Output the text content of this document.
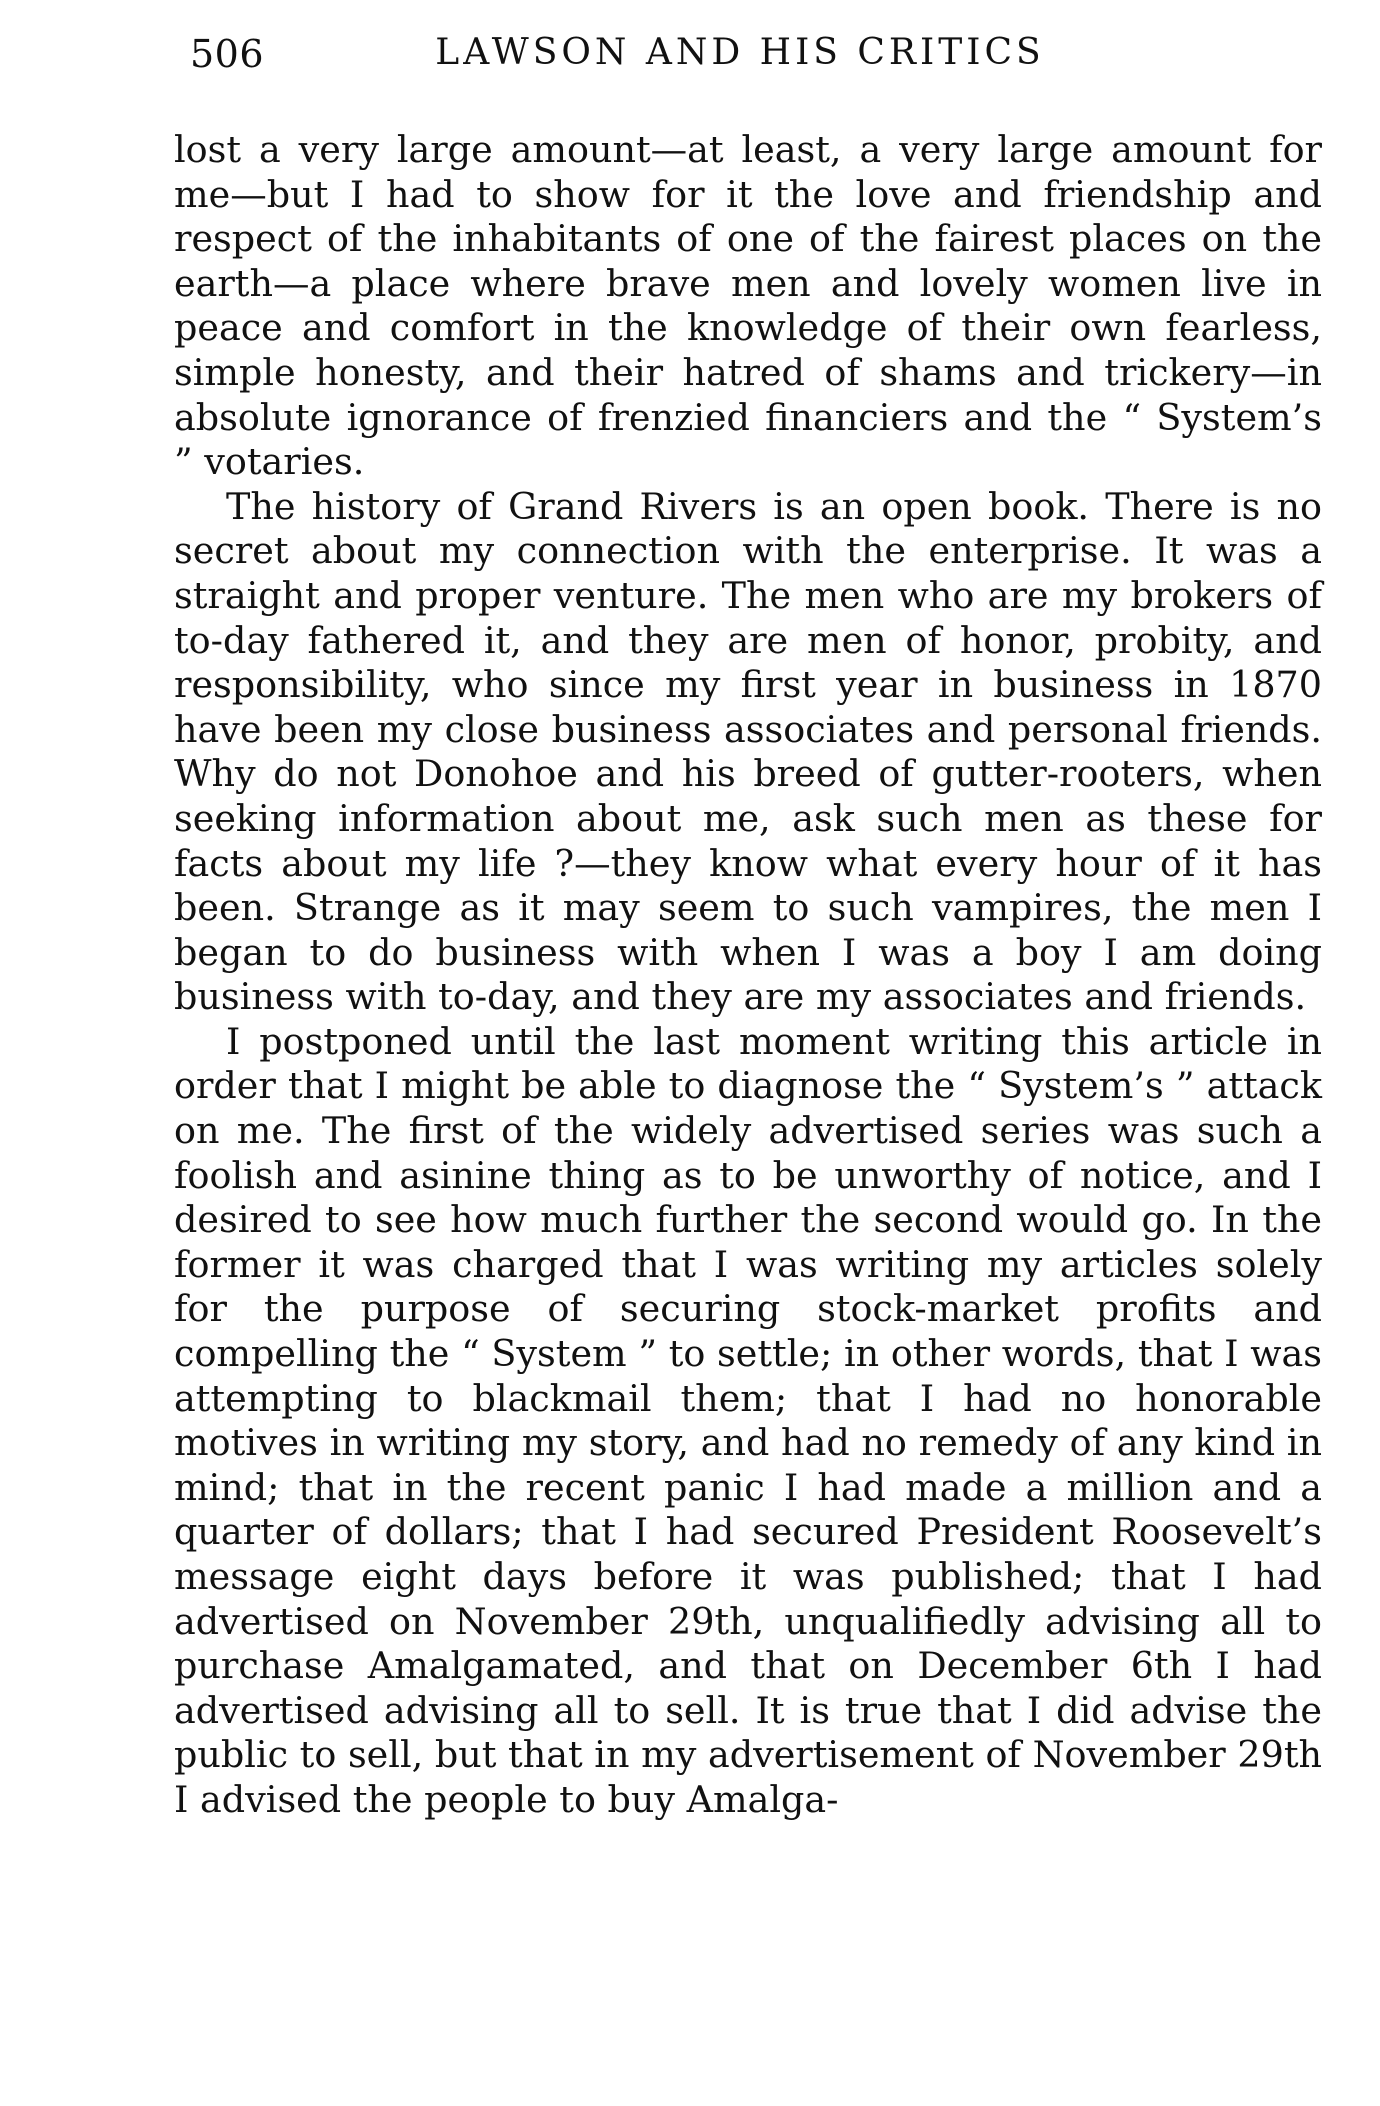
506	LAWSON AND HIS CRITICS

lost a very large amount—at least, a very large amount for me—but I had to show for it the love and friendship and respect of the inhabitants of one of the fairest places on the earth—a place where brave men and lovely women live in peace and comfort in the knowledge of their own fearless, simple honesty, and their hatred of shams and trickery—in absolute ignorance of frenzied financiers and the “ System’s ” votaries.

The history of Grand Rivers is an open book. There is no secret about my connection with the enterprise. It was a straight and proper venture. The men who are my brokers of to-day fathered it, and they are men of honor, probity, and responsibility, who since my first year in business in 1870 have been my close business associates and personal friends. Why do not Donohoe and his breed of gutter-rooters, when seeking information about me, ask such men as these for facts about my life ?—they know what every hour of it has been. Strange as it may seem to such vampires, the men I began to do business with when I was a boy I am doing business with to-day, and they are my associates and friends.

I postponed until the last moment writing this article in order that I might be able to diagnose the “ System’s ” attack on me. The first of the widely advertised series was such a foolish and asinine thing as to be unworthy of notice, and I desired to see how much further the second would go. In the former it was charged that I was writing my articles solely for the purpose of securing stock-market profits and compelling the “ System ” to settle; in other words, that I was attempting to blackmail them; that I had no honorable motives in writing my story, and had no remedy of any kind in mind; that in the recent panic I had made a million and a quarter of dollars; that I had secured President Roosevelt’s message eight days before it was published; that I had advertised on November 29th, unqualifiedly advising all to purchase Amalgamated, and that on December 6th I had advertised advising all to sell. It is true that I did advise the public to sell, but that in my advertisement of November 29th I advised the people to buy Amalga-
